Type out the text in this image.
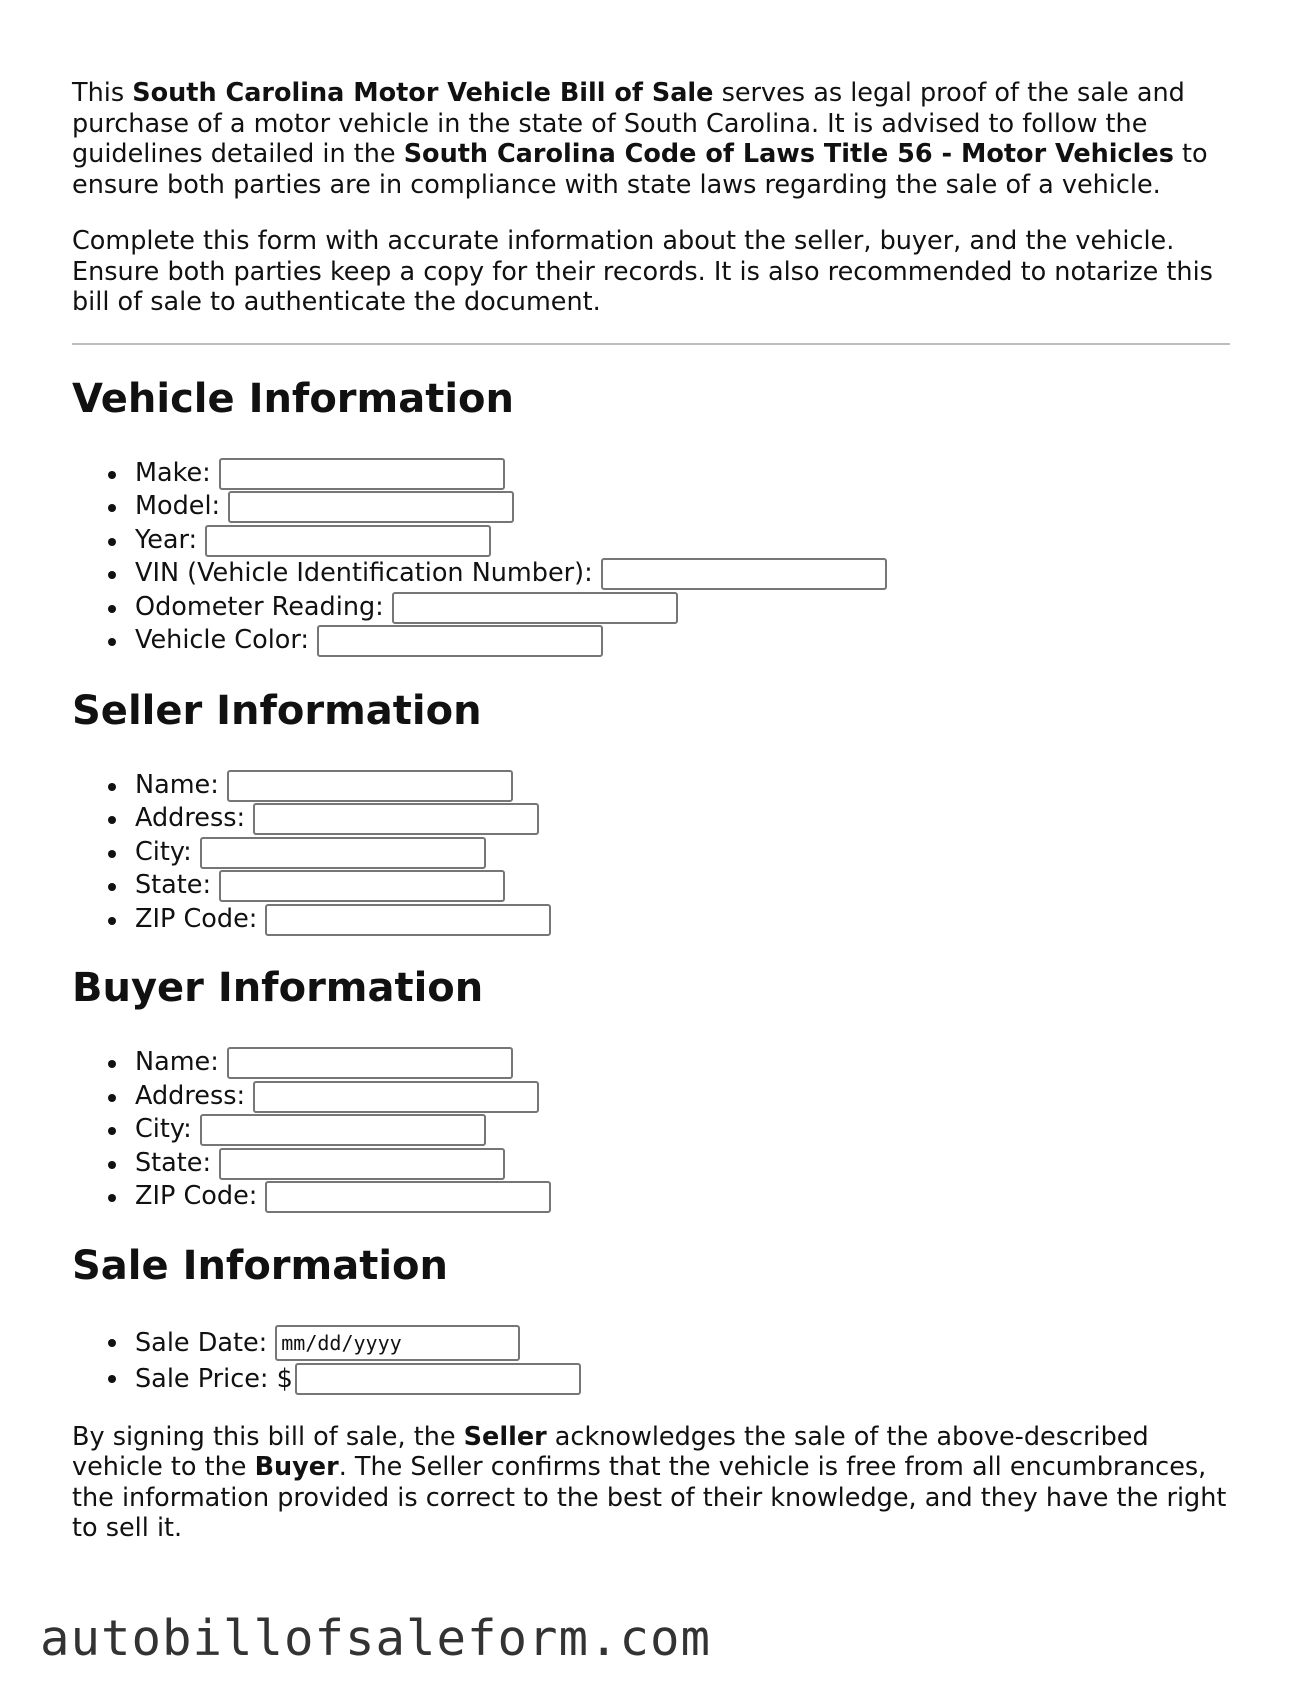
This South Carolina Motor Vehicle Bill of Sale serves as legal proof of the sale and purchase of a motor vehicle in the state of South Carolina. It is advised to follow the guidelines detailed in the South Carolina Code of Laws Title 56 - Motor Vehicles to ensure both parties are in compliance with state laws regarding the sale of a vehicle.

Complete this form with accurate information about the seller, buyer, and the vehicle. Ensure both parties keep a copy for their records. It is also recommended to notarize this bill of sale to authenticate the document.

Vehicle Information
Make:
Model:
Year:
VIN (Vehicle Identification Number):
Odometer Reading:
Vehicle Color:
Seller Information
Name:
Address:
City:
State:
ZIP Code:
Buyer Information
Name:
Address:
City:
State:
ZIP Code:
Sale Information
Sale Date: mm/dd/yyyy
Sale Price: $

By signing this bill of sale, the Seller acknowledges the sale of the above-described vehicle to the Buyer. The Seller confirms that the vehicle is free from all encumbrances, the information provided is correct to the best of their knowledge, and they have the right to sell it.

autobillofsaleform.com
